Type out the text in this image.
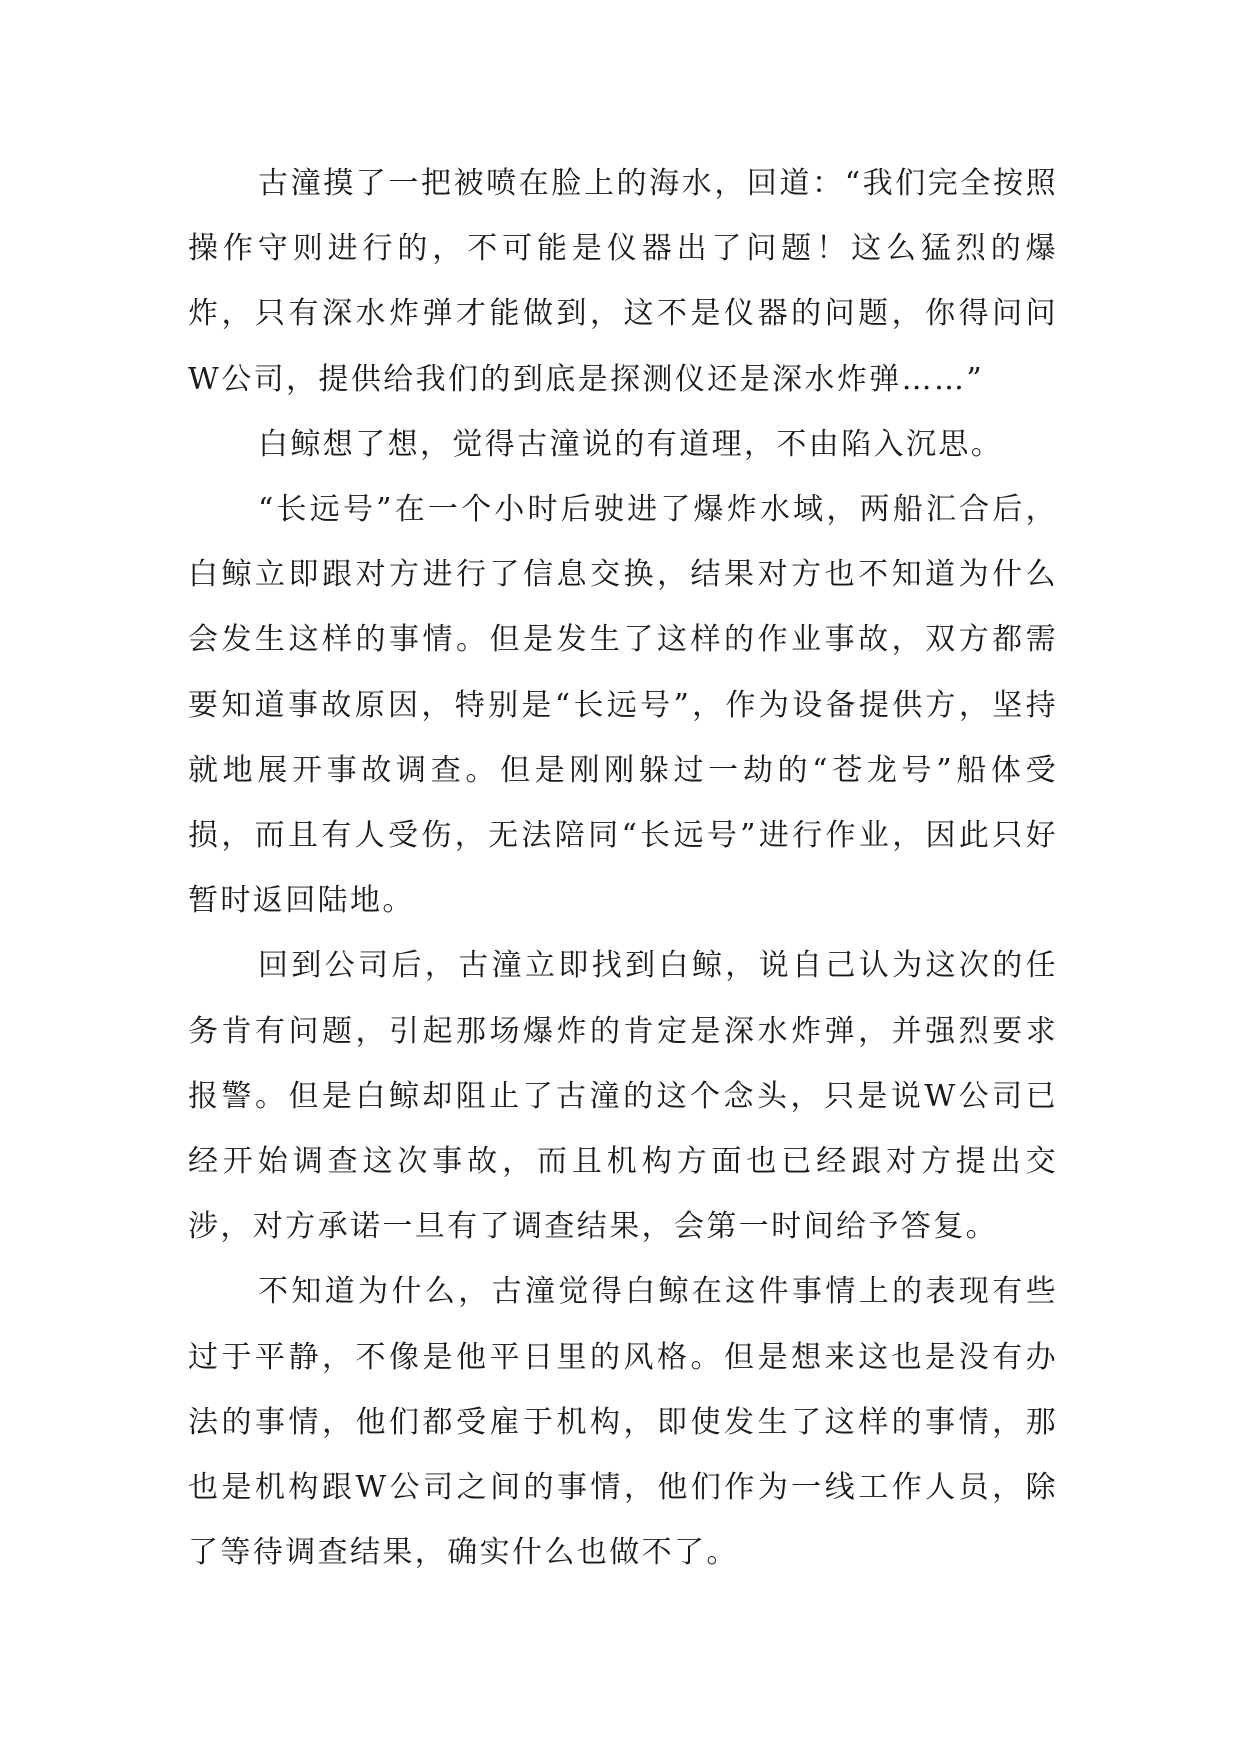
古潼摸了一把被喷在脸上的海水，回道：“我们完全按照操作守则进行的，不可能是仪器出了问题！这么猛烈的爆炸，只有深水炸弹才能做到，这不是仪器的问题，你得问问W公司，提供给我们的到底是探测仪还是深水炸弹……”

白鲸想了想，觉得古潼说的有道理，不由陷入沉思。

“长远号”在一个小时后驶进了爆炸水域，两船汇合后，白鲸立即跟对方进行了信息交换，结果对方也不知道为什么会发生这样的事情。但是发生了这样的作业事故，双方都需要知道事故原因，特别是“长远号”，作为设备提供方，坚持就地展开事故调查。但是刚刚躲过一劫的“苍龙号”船体受损，而且有人受伤，无法陪同“长远号”进行作业，因此只好暂时返回陆地。

回到公司后，古潼立即找到白鲸，说自己认为这次的任务肯有问题，引起那场爆炸的肯定是深水炸弹，并强烈要求报警。但是白鲸却阻止了古潼的这个念头，只是说W公司已经开始调查这次事故，而且机构方面也已经跟对方提出交涉，对方承诺一旦有了调查结果，会第一时间给予答复。

不知道为什么，古潼觉得白鲸在这件事情上的表现有些过于平静，不像是他平日里的风格。但是想来这也是没有办法的事情，他们都受雇于机构，即使发生了这样的事情，那也是机构跟W公司之间的事情，他们作为一线工作人员，除了等待调查结果，确实什么也做不了。
